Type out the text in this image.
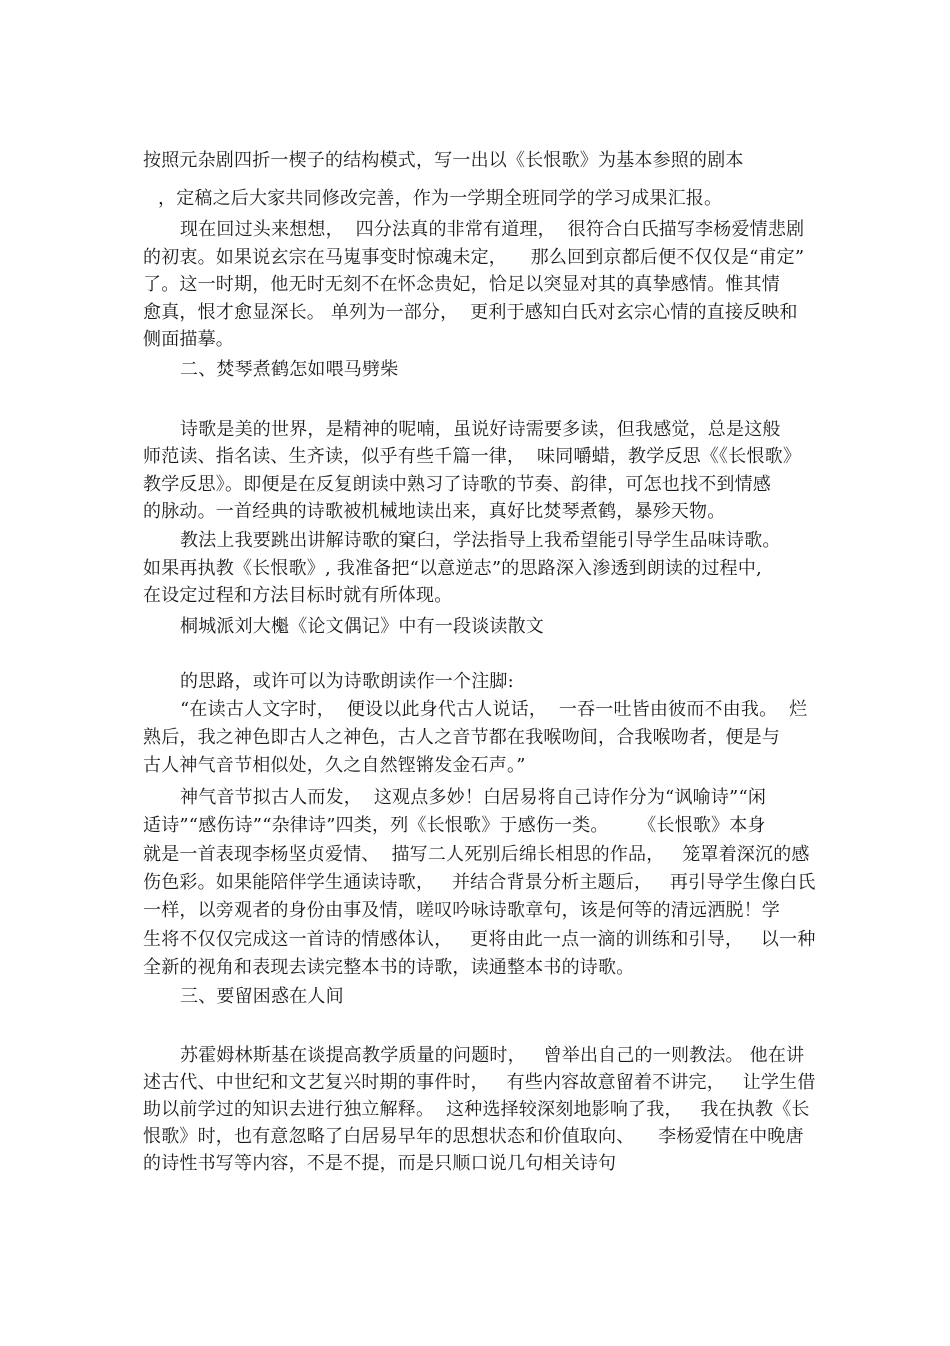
按照元杂剧四折一楔子的结构模式，写一出以《长恨歌》为基本参照的剧本

，定稿之后大家共同修改完善，作为一学期全班同学的学习成果汇报。

现在回过头来想想，  四分法真的非常有道理，  很符合白氏描写李杨爱情悲剧

的初衷。如果说玄宗在马嵬事变时惊魂未定，    那么回到京都后便不仅仅是“甫定”

了。这一时期，他无时无刻不在怀念贵妃，恰足以突显对其的真挚感情。惟其情

愈真，恨才愈显深长。 单列为一部分，  更利于感知白氏对玄宗心情的直接反映和

侧面描摹。

二、焚琴煮鹤怎如喂马劈柴

诗歌是美的世界，是精神的呢喃，虽说好诗需要多读，但我感觉，总是这般

师范读、指名读、生齐读，似乎有些千篇一律，  味同嚼蜡，教学反思《《长恨歌》

教学反思》。即便是在反复朗读中熟习了诗歌的节奏、韵律，可怎也找不到情感

的脉动。一首经典的诗歌被机械地读出来，真好比焚琴煮鹤，暴殄天物。

教法上我要跳出讲解诗歌的窠臼，学法指导上我希望能引导学生品味诗歌。

如果再执教《长恨歌》, 我准备把“以意逆志”的思路深入渗透到朗读的过程中,

在设定过程和方法目标时就有所体现。

桐城派刘大櫆《论文偶记》中有一段谈读散文

的思路，或许可以为诗歌朗读作一个注脚:

“在读古人文字时，  便设以此身代古人说话，  一吞一吐皆由彼而不由我。  烂

熟后，我之神色即古人之神色，古人之音节都在我喉吻间，合我喉吻者，便是与

古人神气音节相似处，久之自然铿锵发金石声。”

神气音节拟古人而发，  这观点多妙！白居易将自己诗作分为“讽喻诗”“闲

适诗”“感伤诗”“杂律诗”四类，列《长恨歌》于感伤一类。     《长恨歌》本身

就是一首表现李杨坚贞爱情、  描写二人死别后绵长相思的作品，   笼罩着深沉的感

伤色彩。如果能陪伴学生通读诗歌，   并结合背景分析主题后，   再引导学生像白氏

一样，以旁观者的身份由事及情，嗟叹吟咏诗歌章句，该是何等的清远洒脱！学

生将不仅仅完成这一首诗的情感体认，   更将由此一点一滴的训练和引导，   以一种

全新的视角和表现去读完整本书的诗歌，读通整本书的诗歌。

三、要留困惑在人间

苏霍姆林斯基在谈提高教学质量的问题时，   曾举出自己的一则教法。 他在讲

述古代、中世纪和文艺复兴时期的事件时，   有些内容故意留着不讲完，   让学生借

助以前学过的知识去进行独立解释。  这种选择较深刻地影响了我，   我在执教《长

恨歌》时，也有意忽略了白居易早年的思想状态和价值取向、    李杨爱情在中晚唐

的诗性书写等内容，不是不提，而是只顺口说几句相关诗句
